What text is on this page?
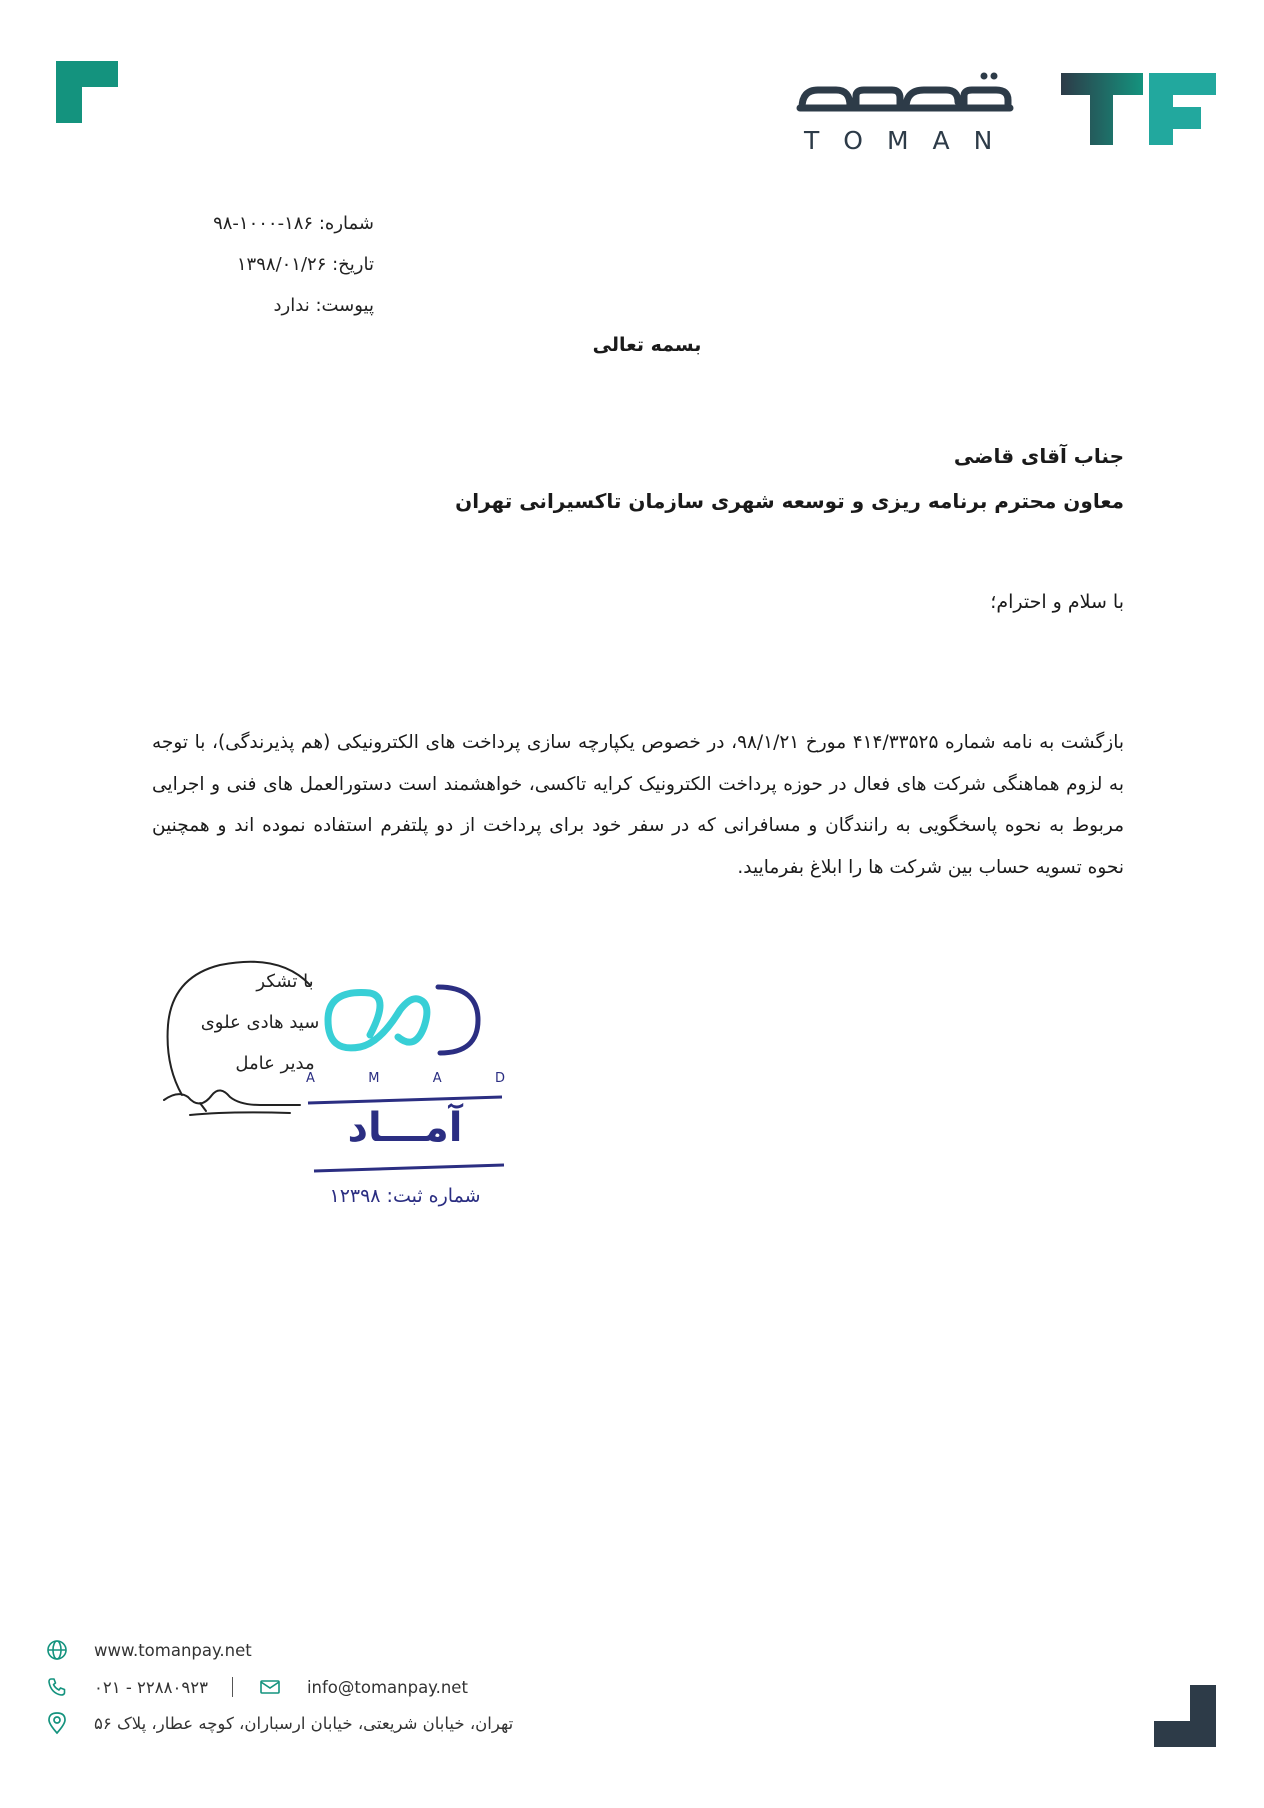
TOMAN
شماره: ۱۸۶-۱۰۰۰-۹۸
تاریخ: ۱۳۹۸/۰۱/۲۶
پیوست: ندارد
بسمه تعالی
جناب آقای قاضی
معاون محترم برنامه ریزی و توسعه شهری سازمان تاکسیرانی تهران
با سلام و احترام؛
بازگشت به نامه شماره ۴۱۴/۳۳۵۲۵ مورخ ۹۸/۱/۲۱، در خصوص یکپارچه سازی پرداخت های الکترونیکی (هم پذیرندگی)، با توجه به لزوم هماهنگی شرکت های فعال در حوزه پرداخت الکترونیک کرایه تاکسی، خواهشمند است دستورالعمل های فنی و اجرایی مربوط به نحوه پاسخگویی به رانندگان و مسافرانی که در سفر خود برای پرداخت از دو پلتفرم استفاده نموده اند و همچنین نحوه تسویه حساب بین شرکت ها را ابلاغ بفرمایید.
با تشکر
سید هادی علوی
مدیر عامل
A	M	A	D
آمـــاد
شماره ثبت: ۱۲۳۹۸
www.tomanpay.net
۰۲۱ - ۲۲۸۸۰۹۲۳	info@tomanpay.net
تهران، خیابان شریعتی، خیابان ارسباران، کوچه عطار، پلاک ۵۶
